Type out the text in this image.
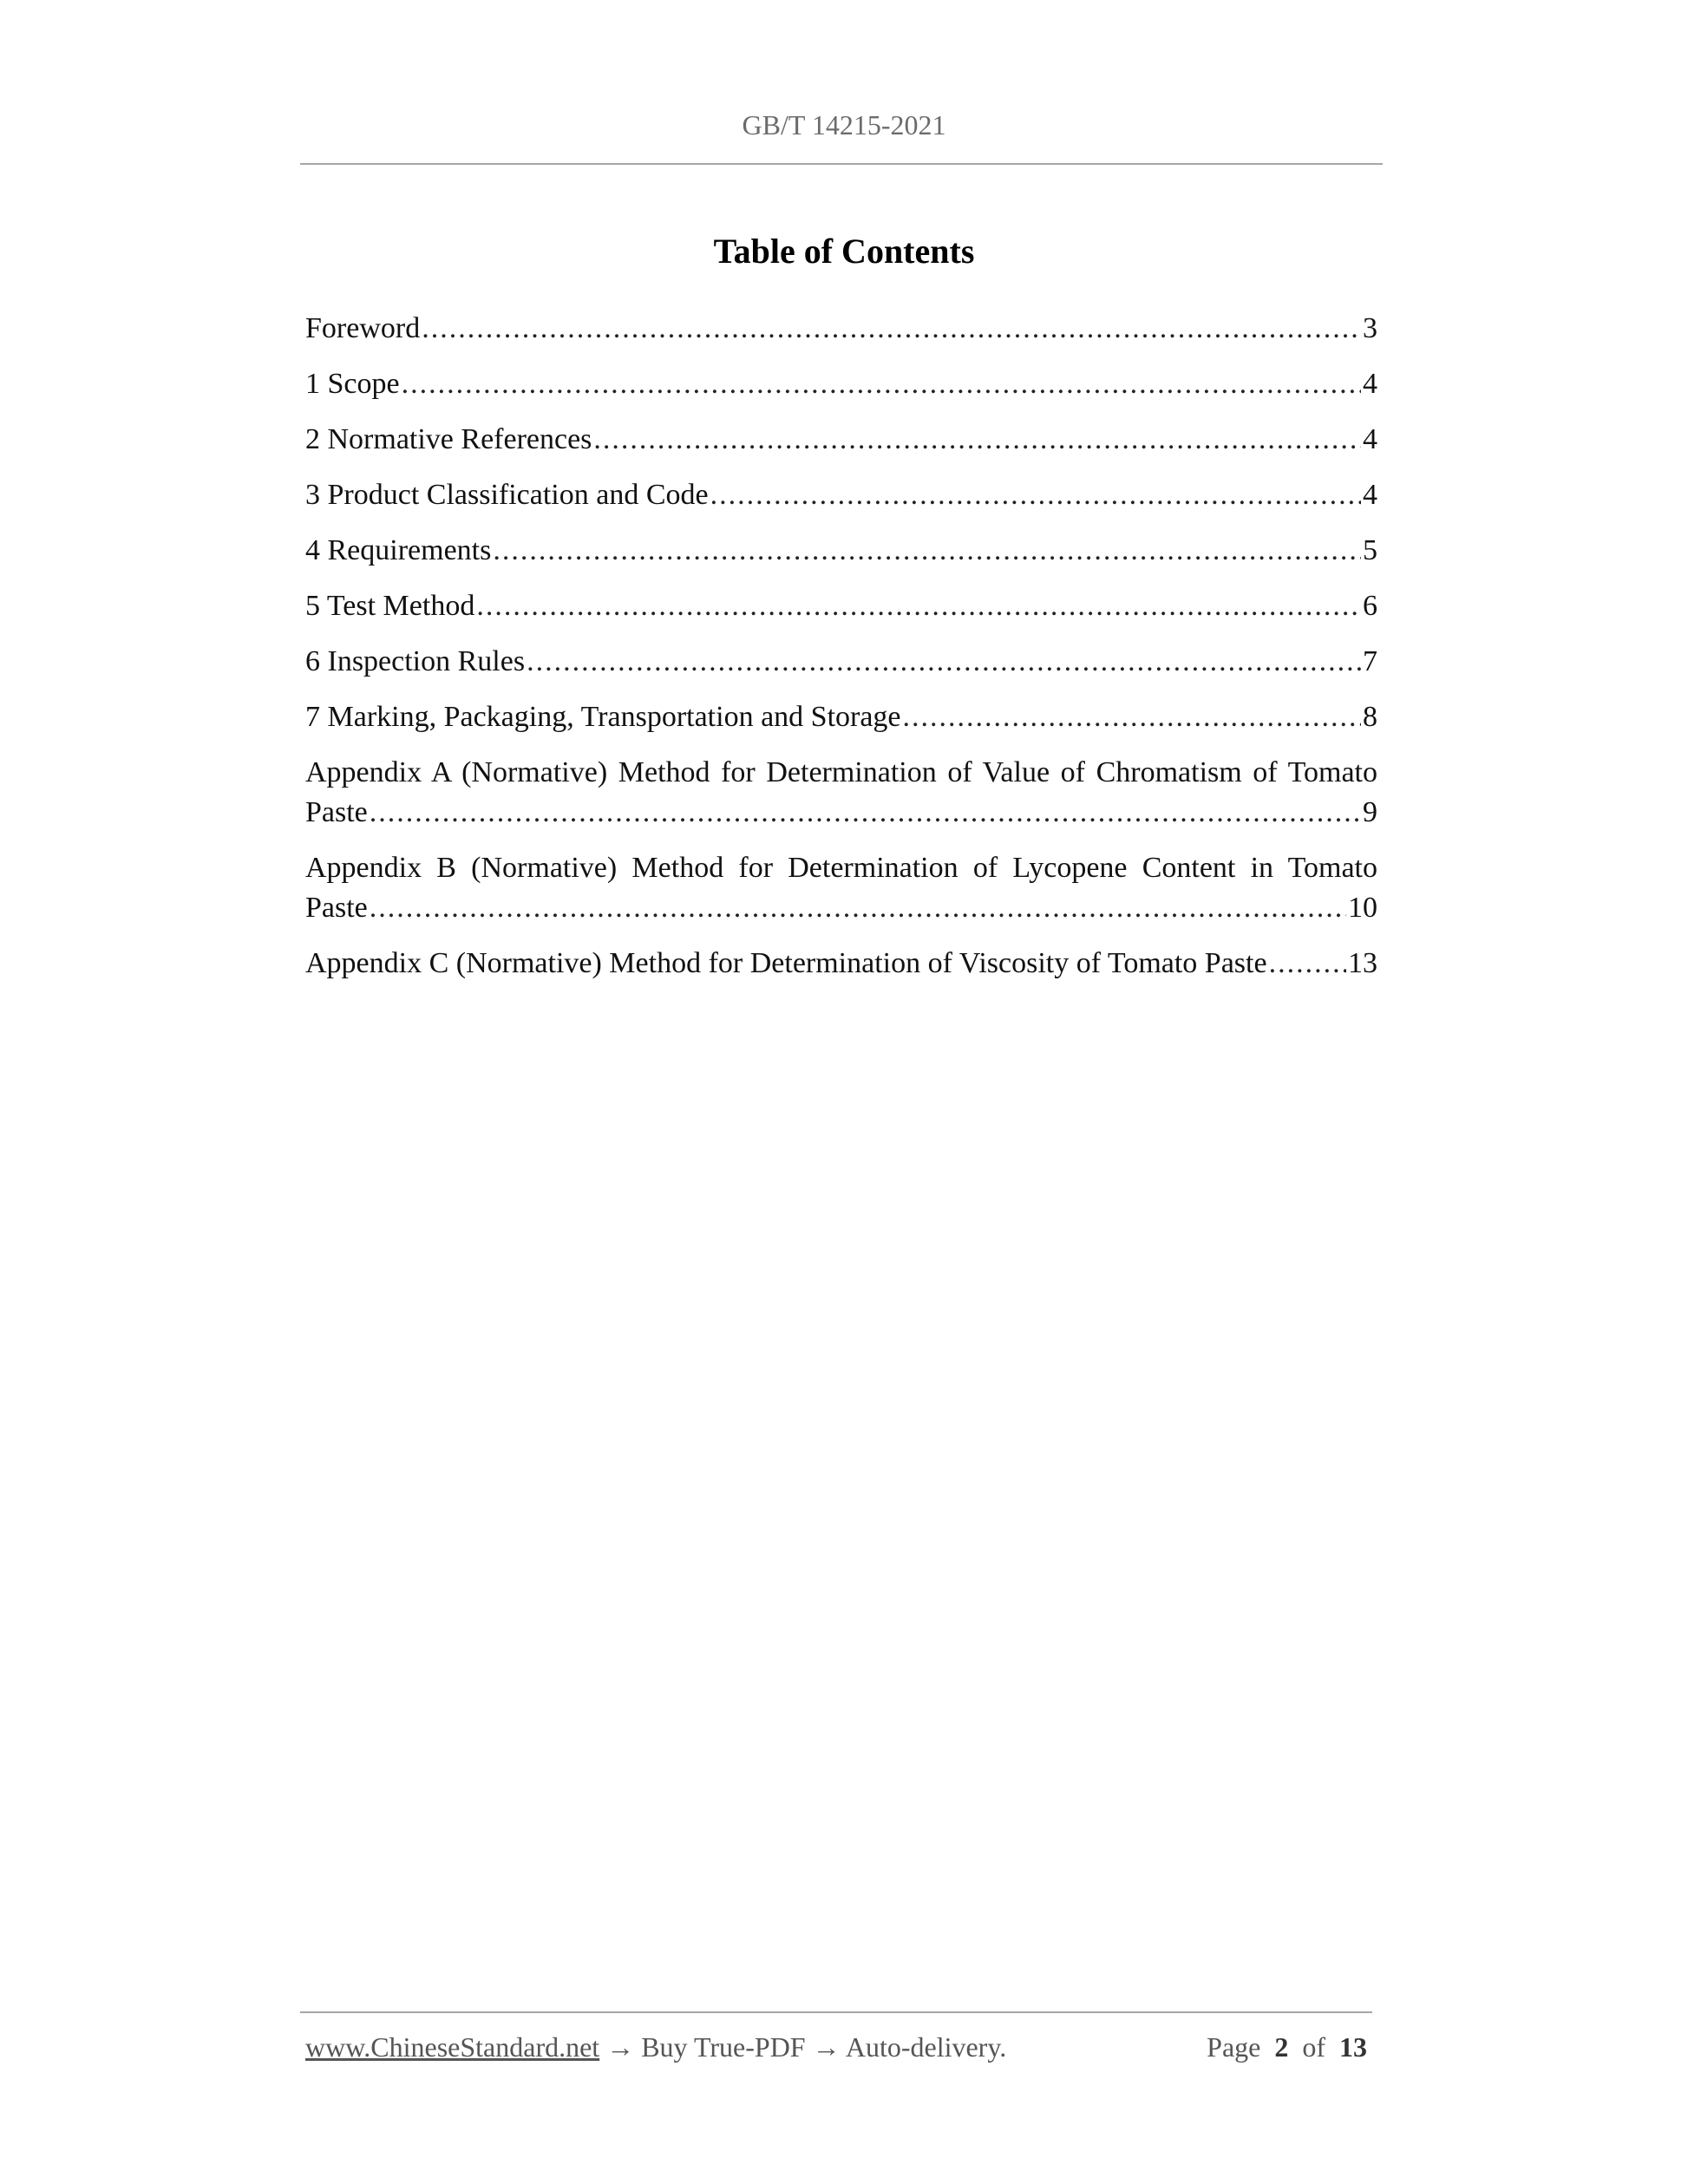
GB/T 14215-2021
Table of Contents
Foreword .....	3
1 Scope .....	4
2 Normative References .....	4
3 Product Classification and Code .....	4
4 Requirements .....	5
5 Test Method .....	6
6 Inspection Rules .....	7
7 Marking, Packaging, Transportation and Storage .....	8
Appendix A (Normative) Method for Determination of Value of Chromatism of Tomato
Paste .....	9
Appendix B (Normative) Method for Determination of Lycopene Content in Tomato
Paste .....	10
Appendix C (Normative) Method for Determination of Viscosity of Tomato Paste .....	13
www.ChineseStandard.net → Buy True-PDF → Auto-delivery.	Page 2 of 13
